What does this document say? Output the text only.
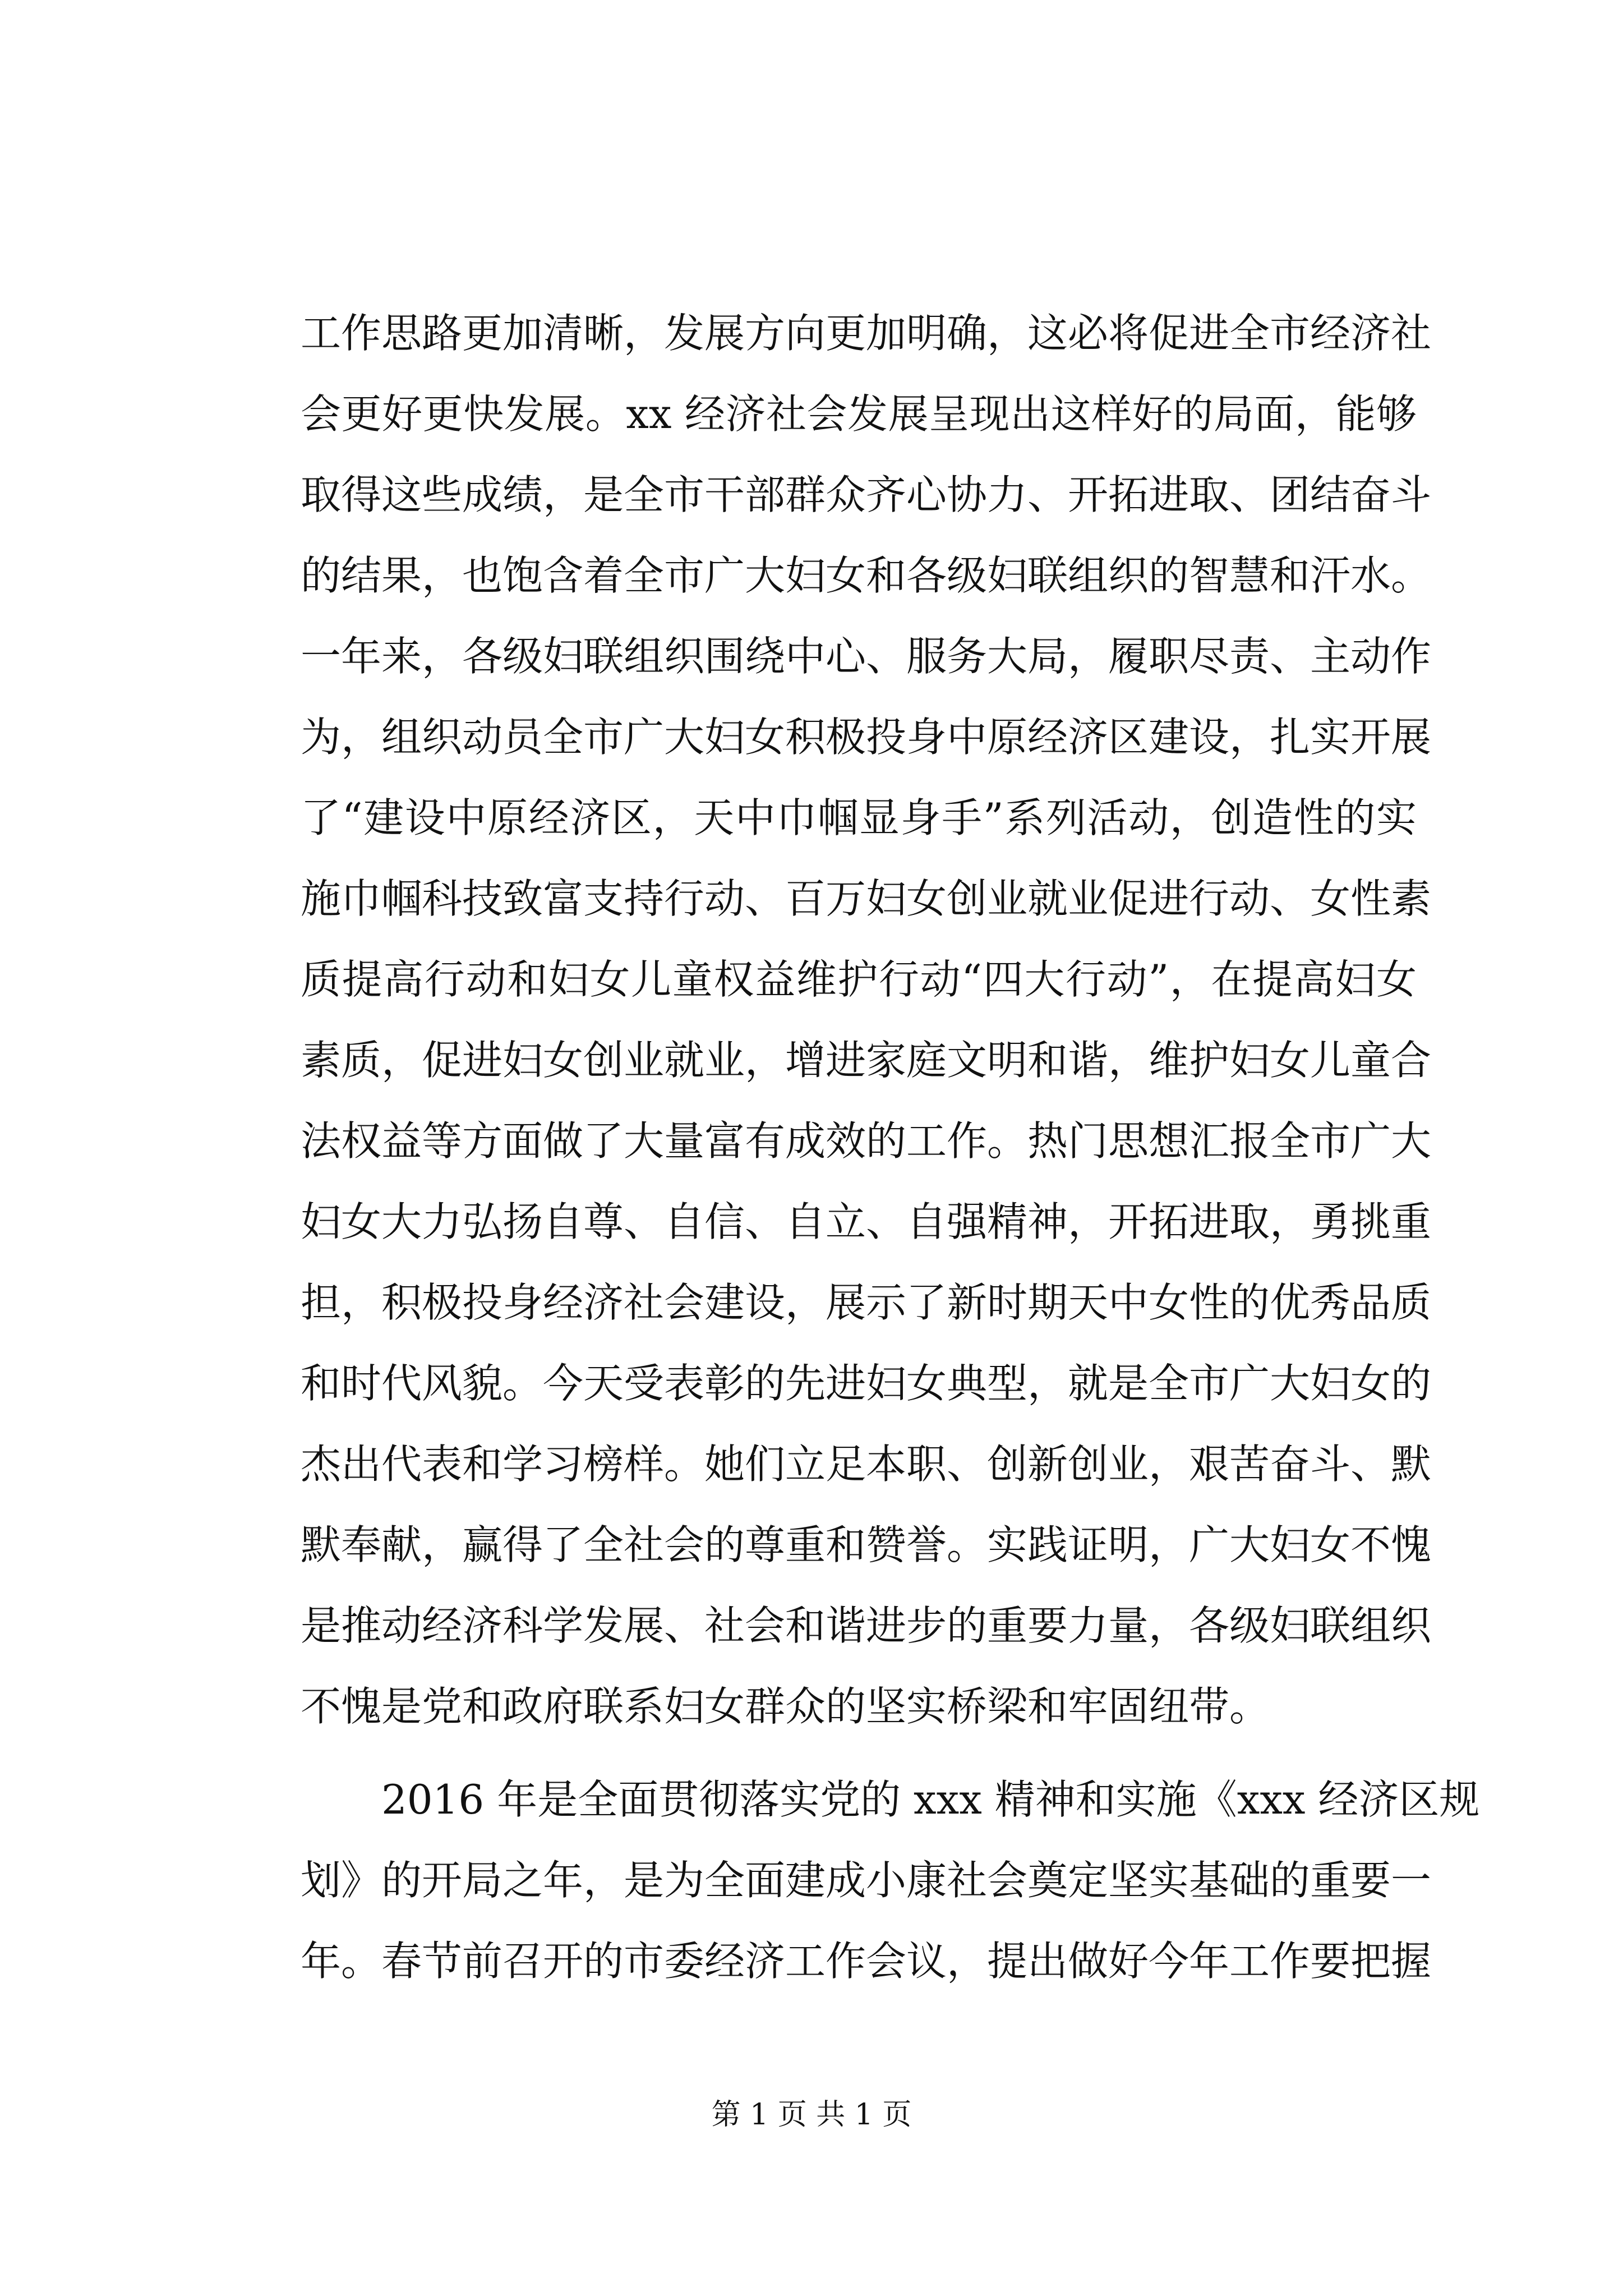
工作思路更加清晰，发展方向更加明确，这必将促进全市经济社
会更好更快发展。xx 经济社会发展呈现出这样好的局面，能够
取得这些成绩，是全市干部群众齐心协力、开拓进取、团结奋斗
的结果，也饱含着全市广大妇女和各级妇联组织的智慧和汗水。
一年来，各级妇联组织围绕中心、服务大局，履职尽责、主动作
为，组织动员全市广大妇女积极投身中原经济区建设，扎实开展
了“建设中原经济区，天中巾帼显身手”系列活动，创造性的实
施巾帼科技致富支持行动、百万妇女创业就业促进行动、女性素
质提高行动和妇女儿童权益维护行动“四大行动”，在提高妇女
素质，促进妇女创业就业，增进家庭文明和谐，维护妇女儿童合
法权益等方面做了大量富有成效的工作。热门思想汇报全市广大
妇女大力弘扬自尊、自信、自立、自强精神，开拓进取，勇挑重
担，积极投身经济社会建设，展示了新时期天中女性的优秀品质
和时代风貌。今天受表彰的先进妇女典型，就是全市广大妇女的
杰出代表和学习榜样。她们立足本职、创新创业，艰苦奋斗、默
默奉献，赢得了全社会的尊重和赞誉。实践证明，广大妇女不愧
是推动经济科学发展、社会和谐进步的重要力量，各级妇联组织
不愧是党和政府联系妇女群众的坚实桥梁和牢固纽带。
2016 年是全面贯彻落实党的 xxx 精神和实施《xxx 经济区规
划》的开局之年，是为全面建成小康社会奠定坚实基础的重要一
年。春节前召开的市委经济工作会议，提出做好今年工作要把握
第 1 页 共 1 页
